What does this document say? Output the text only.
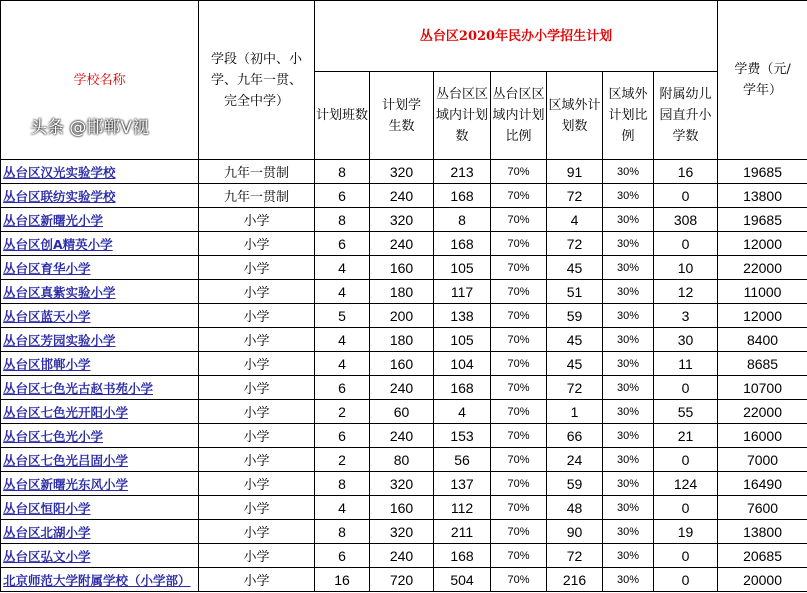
学校名称	学段（初中、小学、九年一贯、完全中学）	丛台区2020年民办小学招生计划							学费（元/学年）
		计划班数	计划学生数	丛台区区域内计划数	丛台区区域内计划比例	区域外计划数	区域外计划比例	附属幼儿园直升小学数	
丛台区汉光实验学校	九年一贯制	8	320	213	70%	91	30%	16	19685
丛台区联纺实验学校	九年一贯制	6	240	168	70%	72	30%	0	13800
丛台区新曙光小学	小学	8	320	8	70%	4	30%	308	19685
丛台区创A精英小学	小学	6	240	168	70%	72	30%	0	12000
丛台区育华小学	小学	4	160	105	70%	45	30%	10	22000
丛台区真紫实验小学	小学	4	180	117	70%	51	30%	12	11000
丛台区蓝天小学	小学	5	200	138	70%	59	30%	3	12000
丛台区芳园实验小学	小学	4	180	105	70%	45	30%	30	8400
丛台区邯郸小学	小学	4	160	104	70%	45	30%	11	8685
丛台区七色光古赵书苑小学	小学	6	240	168	70%	72	30%	0	10700
丛台区七色光开阳小学	小学	2	60	4	70%	1	30%	55	22000
丛台区七色光小学	小学	6	240	153	70%	66	30%	21	16000
丛台区七色光吕固小学	小学	2	80	56	70%	24	30%	0	7000
丛台区新曙光东风小学	小学	8	320	137	70%	59	30%	124	16490
丛台区恒阳小学	小学	4	160	112	70%	48	30%	0	7600
丛台区北湖小学	小学	8	320	211	70%	90	30%	19	13800
丛台区弘文小学	小学	6	240	168	70%	72	30%	0	20685
北京师范大学附属学校（小学部）	小学	16	720	504	70%	216	30%	0	20000
头条 @邯郸V视
